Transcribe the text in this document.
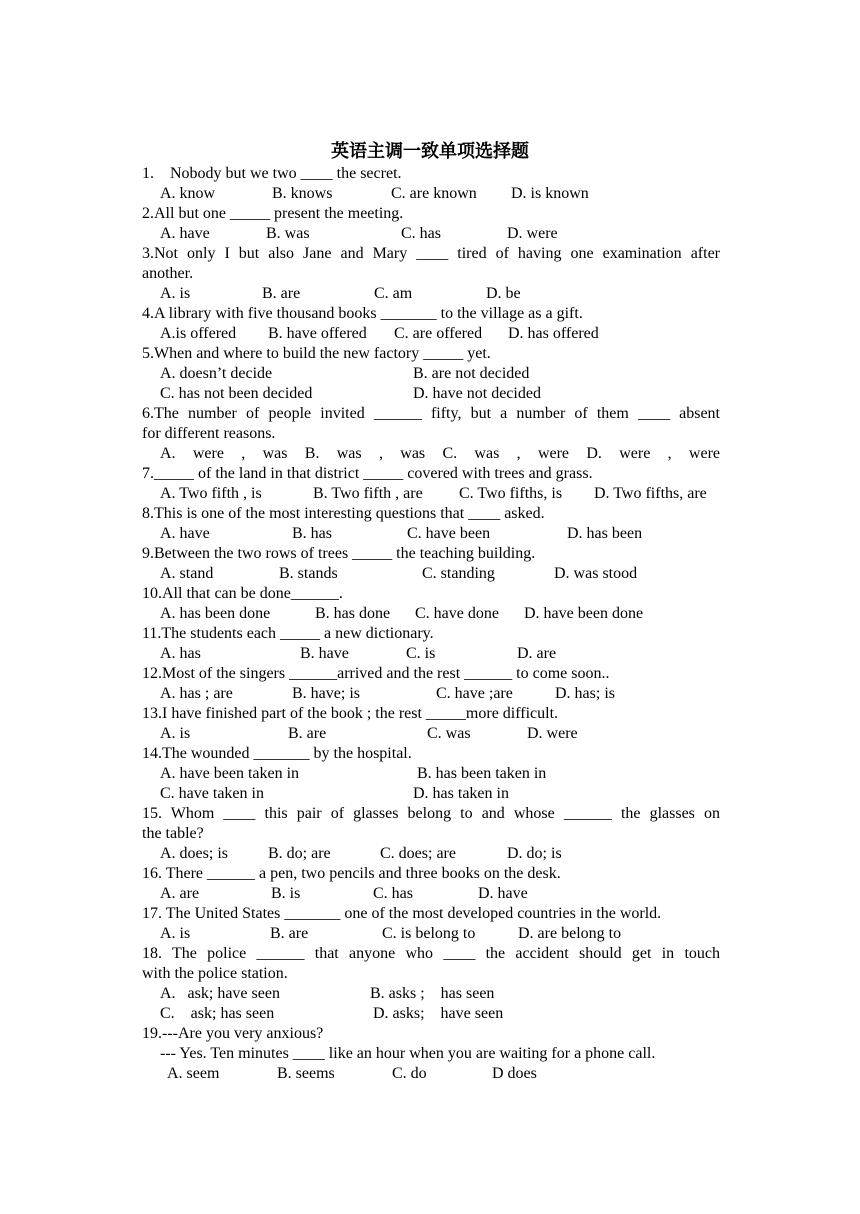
英语主调一致单项选择题
1.    Nobody but we two ____ the secret.
A. know	B. knows	C. are known D. is known
2.All but one _____ present the meeting.
A. have	B. was	C. has	D. were
3.Not only I but also Jane and Mary ____ tired of having one examination after
another.
A. is	B. are	C. am	D. be
4.A library with five thousand books _______ to the village as a gift.
A.is offered B. have offered C. are offered D. has offered
5.When and where to build the new factory _____ yet.
A. doesn’t decide	B. are not decided
C. has not been decided	D. have not decided
6.The number of people invited ______ fifty, but a number of them ____ absent
for different reasons.
A. were , was B. was , was C. was , were D. were , were
7._____ of the land in that district _____ covered with trees and grass.
A. Two fifth , is	B. Two fifth , are C. Two fifths, is D. Two fifths, are
8.This is one of the most interesting questions that ____ asked.
A. have	B. has	C. have been	D. has been
9.Between the two rows of trees _____ the teaching building.
A. stand	B. stands	C. standing	D. was stood
10.All that can be done______.
A. has been done	B. has done C. have done D. have been done
11.The students each _____ a new dictionary.
A. has	B. have	C. is	D. are
12.Most of the singers ______arrived and the rest ______ to come soon..
A. has ; are	B. have; is	C. have ;are	D. has; is
13.I have finished part of the book ; the rest _____more difficult.
A. is	B. are	C. was	D. were
14.The wounded _______ by the hospital.
A. have been taken in	B. has been taken in
C. have taken in	D. has taken in
15. Whom ____ this pair of glasses belong to and whose ______ the glasses on
the table?
A. does; is	B. do; are	C. does; are	D. do; is
16. There ______ a pen, two pencils and three books on the desk.
A. are	B. is	C. has	D. have
17. The United States _______ one of the most developed countries in the world.
A. is	B. are	C. is belong to	D. are belong to
18. The police ______ that anyone who ____ the accident should get in touch
with the police station.
A.   ask; have seen	B. asks ;    has seen
C.    ask; has seen	D. asks;    have seen
19.---Are you very anxious?
--- Yes. Ten minutes ____ like an hour when you are waiting for a phone call.
A. seem	B. seems	C. do	D does
